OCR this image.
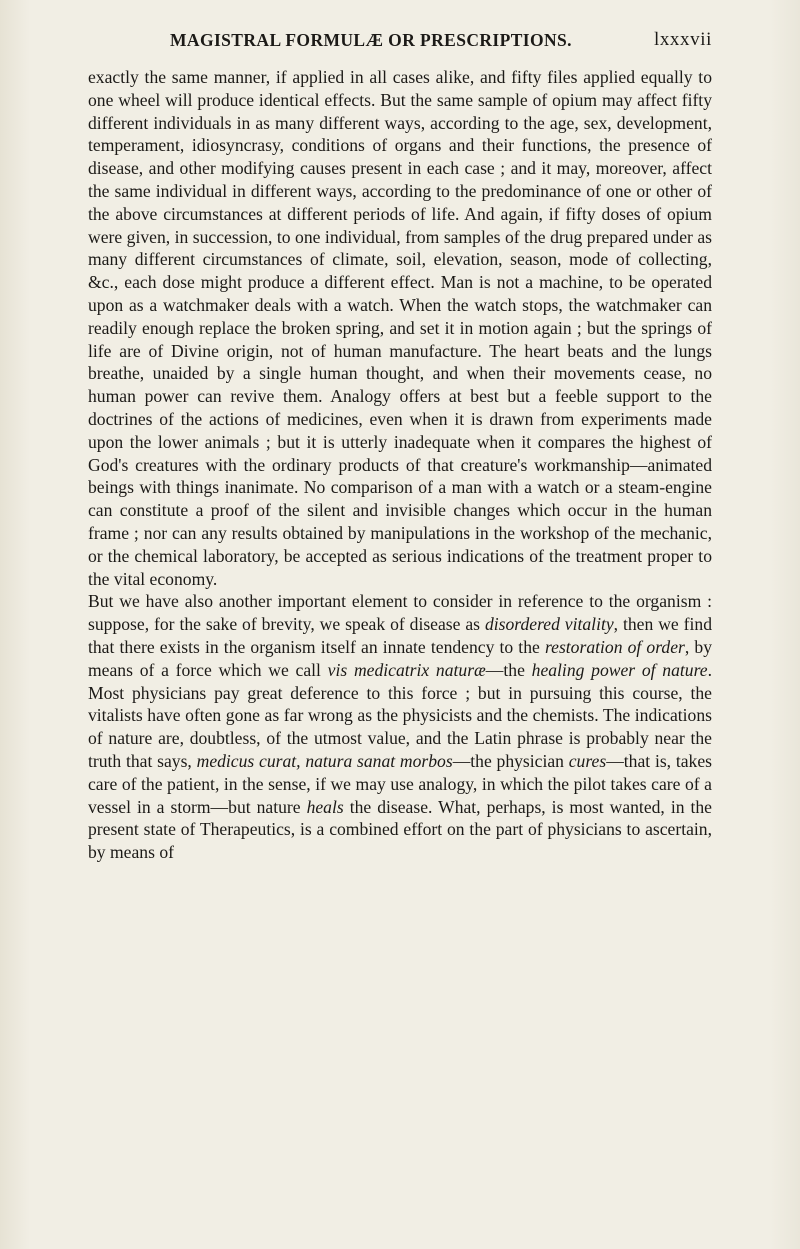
MAGISTRAL FORMULÆ OR PRESCRIPTIONS.	lxxxvii

exactly the same manner, if applied in all cases alike, and fifty files applied equally to one wheel will produce identical effects. But the same sample of opium may affect fifty different individuals in as many different ways, according to the age, sex, development, temperament, idiosyncrasy, conditions of organs and their functions, the presence of disease, and other modifying causes present in each case ; and it may, moreover, affect the same individual in different ways, according to the predominance of one or other of the above circumstances at different periods of life. And again, if fifty doses of opium were given, in succession, to one individual, from samples of the drug prepared under as many different circumstances of climate, soil, elevation, season, mode of collecting, &c., each dose might produce a different effect. Man is not a machine, to be operated upon as a watchmaker deals with a watch. When the watch stops, the watchmaker can readily enough replace the broken spring, and set it in motion again ; but the springs of life are of Divine origin, not of human manufacture. The heart beats and the lungs breathe, unaided by a single human thought, and when their movements cease, no human power can revive them. Analogy offers at best but a feeble support to the doctrines of the actions of medicines, even when it is drawn from experiments made upon the lower animals ; but it is utterly inadequate when it compares the highest of God's creatures with the ordinary products of that creature's workmanship—animated beings with things inanimate. No comparison of a man with a watch or a steam-engine can constitute a proof of the silent and invisible changes which occur in the human frame ; nor can any results obtained by manipulations in the workshop of the mechanic, or the chemical laboratory, be accepted as serious indications of the treatment proper to the vital economy.

But we have also another important element to consider in reference to the organism : suppose, for the sake of brevity, we speak of disease as disordered vitality, then we find that there exists in the organism itself an innate tendency to the restoration of order, by means of a force which we call vis medicatrix naturæ—the healing power of nature. Most physicians pay great deference to this force ; but in pursuing this course, the vitalists have often gone as far wrong as the physicists and the chemists. The indications of nature are, doubtless, of the utmost value, and the Latin phrase is probably near the truth that says, medicus curat, natura sanat morbos—the physician cures—that is, takes care of the patient, in the sense, if we may use analogy, in which the pilot takes care of a vessel in a storm—but nature heals the disease. What, perhaps, is most wanted, in the present state of Therapeutics, is a combined effort on the part of physicians to ascertain, by means of
